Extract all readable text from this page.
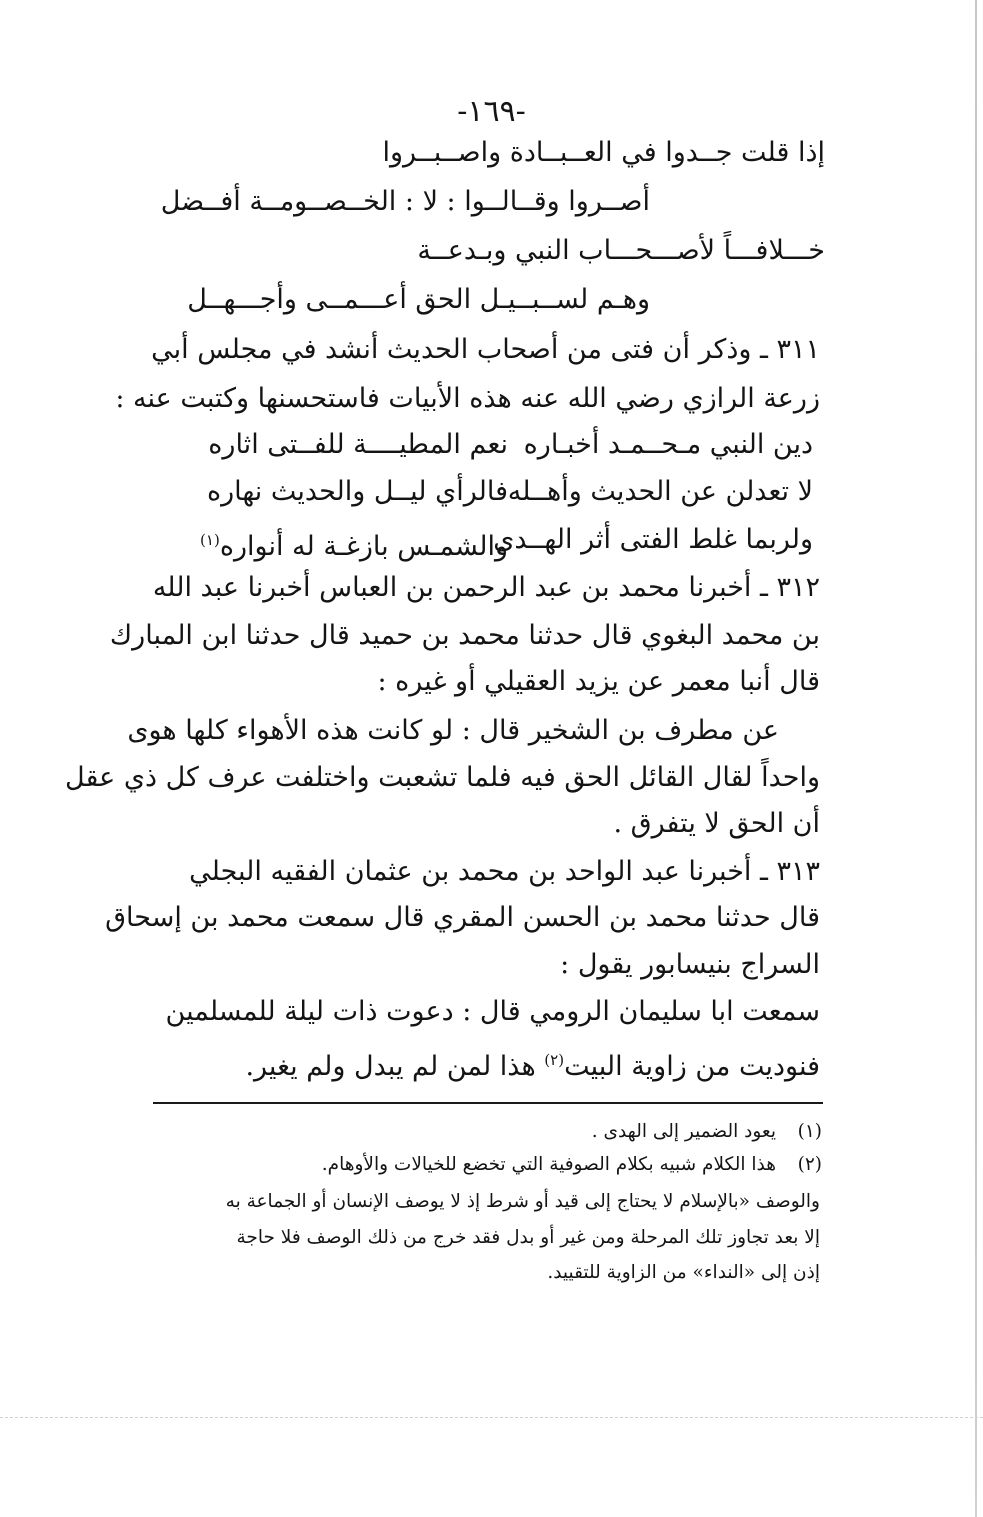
-١٦٩-
إذا قلت جــدوا في العــبــادة واصــبــروا
أصــروا وقــالــوا : لا : الخــصــومــة أفــضل
خـــلافـــاً لأصـــحـــاب النبي وبـدعــة
وهـم لســبــيـل الحق أعـــمــى وأجـــهــل
٣١١ ـ وذكر أن فتى من أصحاب الحديث أنشد في مجلس أبي
زرعة الرازي رضي الله عنه هذه الأبيات فاستحسنها وكتبت عنه :
دين النبي مـحــمـد أخبـاره
نعم المطيــــة للفــتى اثاره
لا تعدلن عن الحديث وأهــله
فالرأي ليــل والحديث نهاره
ولربما غلط الفتى أثر الهــدى
والشمـس بازغـة له أنواره$^{(١)}$
٣١٢ ـ أخبرنا محمد بن عبد الرحمن بن العباس أخبرنا عبد الله
بن محمد البغوي قال حدثنا محمد بن حميد قال حدثنا ابن المبارك
قال أنبا معمر عن يزيد العقيلي أو غيره :
عن مطرف بن الشخير قال : لو كانت هذه الأهواء كلها هوى
واحداً لقال القائل الحق فيه فلما تشعبت واختلفت عرف كل ذي عقل
أن الحق لا يتفرق .
٣١٣ ـ أخبرنا عبد الواحد بن محمد بن عثمان الفقيه البجلي
قال حدثنا محمد بن الحسن المقري قال سمعت محمد بن إسحاق
السراج بنيسابور يقول :
سمعت ابا سليمان الرومي قال : دعوت ذات ليلة للمسلمين
فنوديت من زاوية البيت$^{(٢)}$ هذا لمن لم يبدل ولم يغير.
(١)
يعود الضمير إلى الهدى .
(٢)
هذا الكلام شبيه بكلام الصوفية التي تخضع للخيالات والأوهام.
والوصف «بالإسلام لا يحتاج إلى قيد أو شرط إذ لا يوصف الإنسان أو الجماعة به
إلا بعد تجاوز تلك المرحلة ومن غير أو بدل فقد خرج من ذلك الوصف فلا حاجة
إذن إلى «النداء» من الزاوية للتقييد.
